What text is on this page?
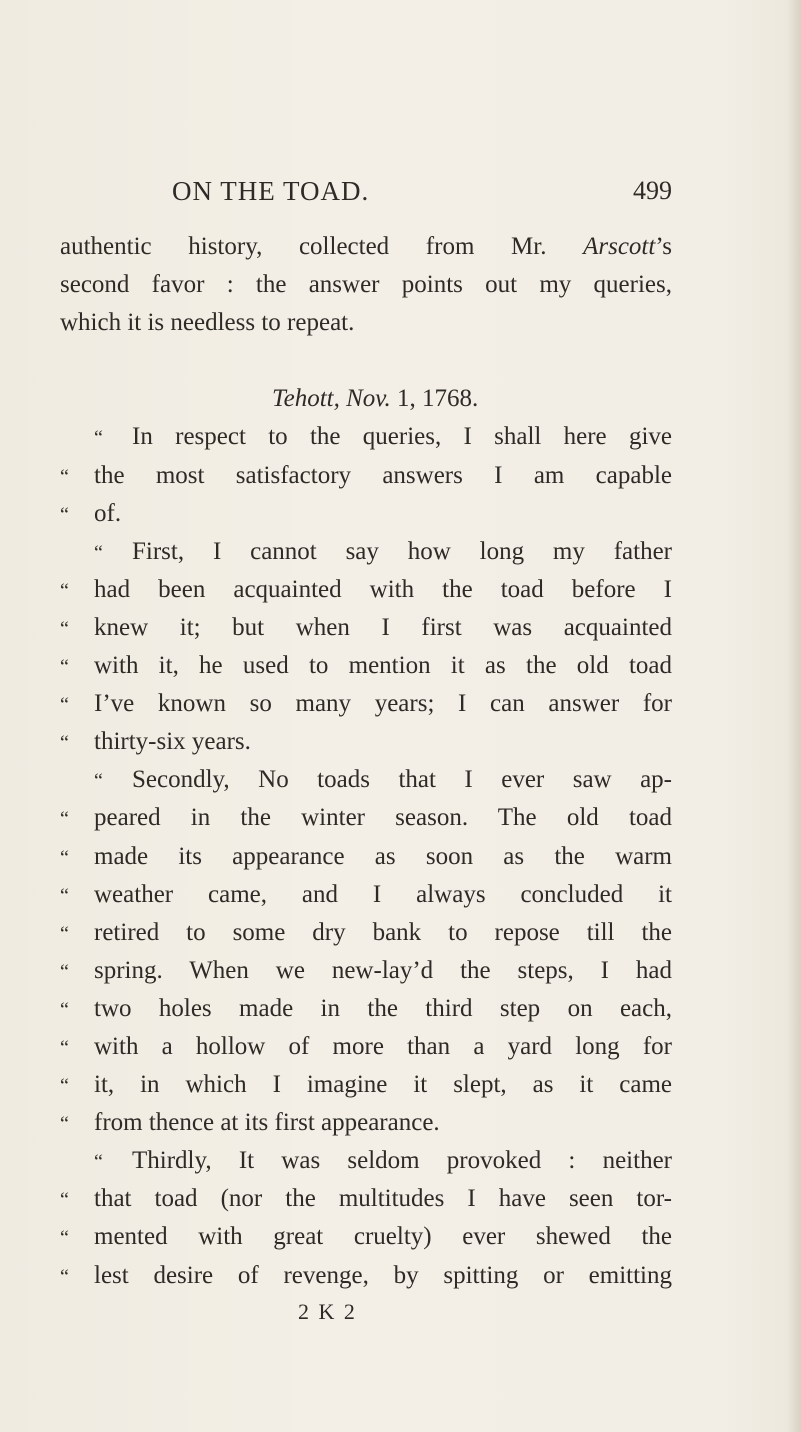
ON THE TOAD.	499
authentic history, collected from Mr. Arscott’s
second favor : the answer points out my queries,
which it is needless to repeat.
Tehott, Nov. 1, 1768.
“ In respect to the queries, I shall here give
“ the most satisfactory answers I am capable
“ of.
“ First, I cannot say how long my father
“ had been acquainted with the toad before I
“ knew it; but when I first was acquainted
“ with it, he used to mention it as the old toad
“ I’ve known so many years; I can answer for
“ thirty-six years.
“ Secondly, No toads that I ever saw ap-
“ peared in the winter season. The old toad
“ made its appearance as soon as the warm
“ weather came, and I always concluded it
“ retired to some dry bank to repose till the
“ spring. When we new-lay’d the steps, I had
“ two holes made in the third step on each,
“ with a hollow of more than a yard long for
“ it, in which I imagine it slept, as it came
“ from thence at its first appearance.
“ Thirdly, It was seldom provoked : neither
“ that toad (nor the multitudes I have seen tor-
“ mented with great cruelty) ever shewed the
“ lest desire of revenge, by spitting or emitting
2 K 2
